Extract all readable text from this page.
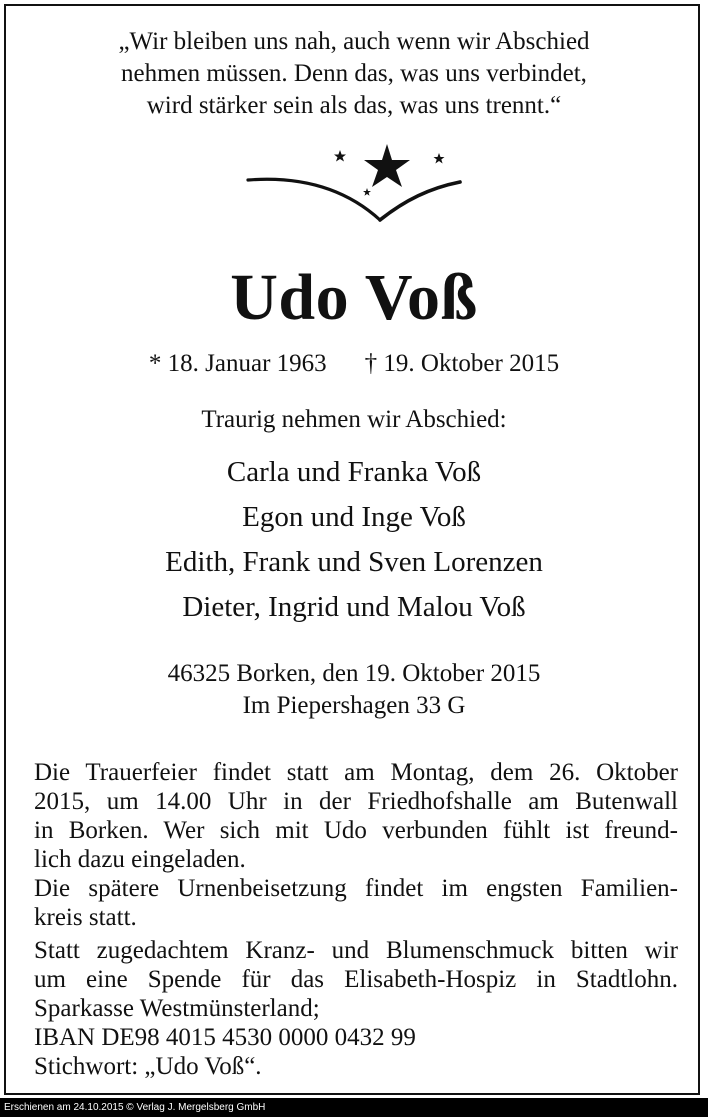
„Wir bleiben uns nah, auch wenn wir Abschied
nehmen müssen. Denn das, was uns verbindet,
wird stärker sein als das, was uns trennt.“
Udo Voß
* 18. Januar 1963 † 19. Oktober 2015
Traurig nehmen wir Abschied:
Carla und Franka Voß
Egon und Inge Voß
Edith, Frank und Sven Lorenzen
Dieter, Ingrid und Malou Voß
46325 Borken, den 19. Oktober 2015
Im Piepershagen 33 G
Die Trauerfeier findet statt am Montag, dem 26. Oktober
2015, um 14.00 Uhr in der Friedhofshalle am Butenwall
in Borken. Wer sich mit Udo verbunden fühlt ist freund-
lich dazu eingeladen.
Die spätere Urnenbeisetzung findet im engsten Familien-
kreis statt.
Statt zugedachtem Kranz- und Blumenschmuck bitten wir
um eine Spende für das Elisabeth-Hospiz in Stadtlohn.
Sparkasse Westmünsterland;
IBAN DE98 4015 4530 0000 0432 99
Stichwort: „Udo Voß“.
Erschienen am 24.10.2015 © Verlag J. Mergelsberg GmbH
